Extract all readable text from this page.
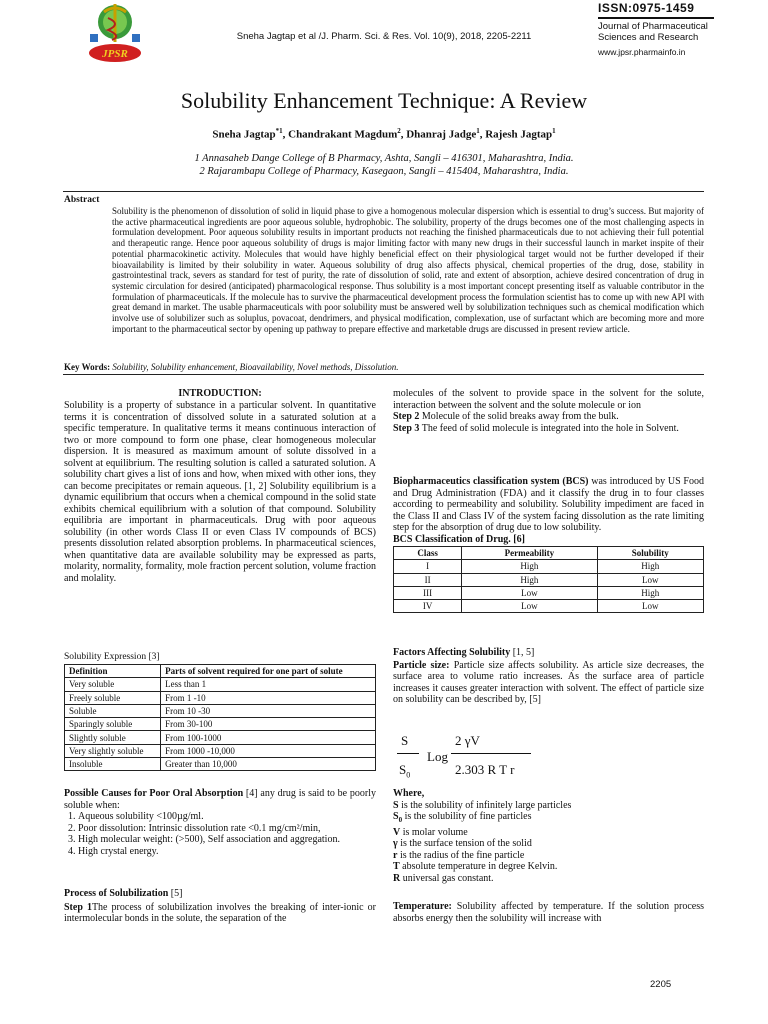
JPSR
Sneha Jagtap et al /J. Pharm. Sci. & Res. Vol. 10(9), 2018, 2205-2211
ISSN:0975-1459
Journal of Pharmaceutical
Sciences and Research
www.jpsr.pharmainfo.in
Solubility Enhancement Technique: A Review
Sneha Jagtap$^{*1}$, Chandrakant Magdum$^2$, Dhanraj Jadge$^1$, Rajesh Jagtap$^1$
1 Annasaheb Dange College of B Pharmacy, Ashta, Sangli – 416301, Maharashtra, India.
2 Rajarambapu College of Pharmacy, Kasegaon, Sangli – 415404, Maharashtra, India.
Abstract
Solubility is the phenomenon of dissolution of solid in liquid phase to give a homogenous molecular dispersion which is essential to drug’s success. But majority of the active pharmaceutical ingredients are poor aqueous soluble, hydrophobic. The solubility, property of the drugs becomes one of the most challenging aspects in formulation development. Poor aqueous solubility results in important products not reaching the finished pharmaceuticals due to not achieving their full potential and therapeutic range. Hence poor aqueous solubility of drugs is major limiting factor with many new drugs in their successful launch in market inspite of their potential pharmacokinetic activity. Molecules that would have highly beneficial effect on their physiological target would not be further developed if their bioavailability is limited by their solubility in water. Aqueous solubility of drug also affects physical, chemical properties of the drug, dose, stability in gastrointestinal track, severs as standard for test of purity, the rate of dissolution of solid, rate and extent of absorption, achieve desired concentration of drug in systemic circulation for desired (anticipated) pharmacological response. Thus solubility is a most important concept presenting itself as valuable contributor in the formulation of pharmaceuticals. If the molecule has to survive the pharmaceutical development process the formulation scientist has to come up with new API with great demand in market. The usable pharmaceuticals with poor solubility must be answered well by solubilization techniques such as chemical modification which involve use of solubilizer such as soluplus, povacoat, dendrimers, and physical modification, complexation, use of surfactant which are becoming more and more important to the pharmaceutical sector by opening up pathway to prepare effective and marketable drugs are discussed in present review article.
Key Words: Solubility, Solubility enhancement, Bioavailability, Novel methods, Dissolution.
INTRODUCTION:
Solubility is a property of substance in a particular solvent. In quantitative terms it is concentration of dissolved solute in a saturated solution at a specific temperature. In qualitative terms it means continuous interaction of two or more compound to form one phase, clear homogeneous molecular dispersion. It is measured as maximum amount of solute dissolved in a solvent at equilibrium. The resulting solution is called a saturated solution. A solubility chart gives a list of ions and how, when mixed with other ions, they can become precipitates or remain aqueous. [1, 2] Solubility equilibrium is a dynamic equilibrium that occurs when a chemical compound in the solid state exhibits chemical equilibrium with a solution of that compound. Solubility equilibria are important in pharmaceuticals. Drug with poor aqueous solubility (in other words Class II or even Class IV compounds of BCS) presents dissolution related absorption problems. In pharmaceutical sciences, when quantitative data are available solubility may be expressed as parts, molarity, normality, formality, mole fraction percent solution, volume fraction and molality.
Solubility Expression [3]
Definition	Parts of solvent required for one part of solute
Very soluble	Less than 1
Freely soluble	From 1 -10
Soluble	From 10 -30
Sparingly soluble	From 30-100
Slightly soluble	From 100-1000
Very slightly soluble	From 1000 -10,000
Insoluble	Greater than 10,000
Possible Causes for Poor Oral Absorption [4] any drug is said to be poorly soluble when:
1. Aqueous solubility <100µg/ml.
2. Poor dissolution: Intrinsic dissolution rate <0.1 mg/cm²/min,
3. High molecular weight: (>500), Self association and aggregation.
4. High crystal energy.
Process of Solubilization [5]
Step 1The process of solubilization involves the breaking of inter-ionic or intermolecular bonds in the solute, the separation of the
molecules of the solvent to provide space in the solvent for the solute, interaction between the solvent and the solute molecule or ion
Step 2 Molecule of the solid breaks away from the bulk.
Step 3 The feed of solid molecule is integrated into the hole in Solvent.
Biopharmaceutics classification system (BCS) was introduced by US Food and Drug Administration (FDA) and it classify the drug in to four classes according to permeability and solubility. Solubility impediment are faced in the Class II and Class IV of the system facing dissolution as the rate limiting step for the absorption of drug due to low solubility.
BCS Classification of Drug. [6]
Class	Permeability	Solubility
I	High	High
II	High	Low
III	Low	High
IV	Low	Low
Factors Affecting Solubility [1, 5]
Particle size: Particle size affects solubility. As article size decreases, the surface area to volume ratio increases. As the surface area of particle increases it causes greater interaction with solvent. The effect of particle size on solubility can be described by, [5]
S
$S_0$
Log
2 γV
2.303 R T r
Where,
S is the solubility of infinitely large particles
$S_0$ is the solubility of fine particles
V is molar volume
γ is the surface tension of the solid
r is the radius of the fine particle
T absolute temperature in degree Kelvin.
R universal gas constant.
Temperature: Solubility affected by temperature. If the solution process absorbs energy then the solubility will increase with
2205
